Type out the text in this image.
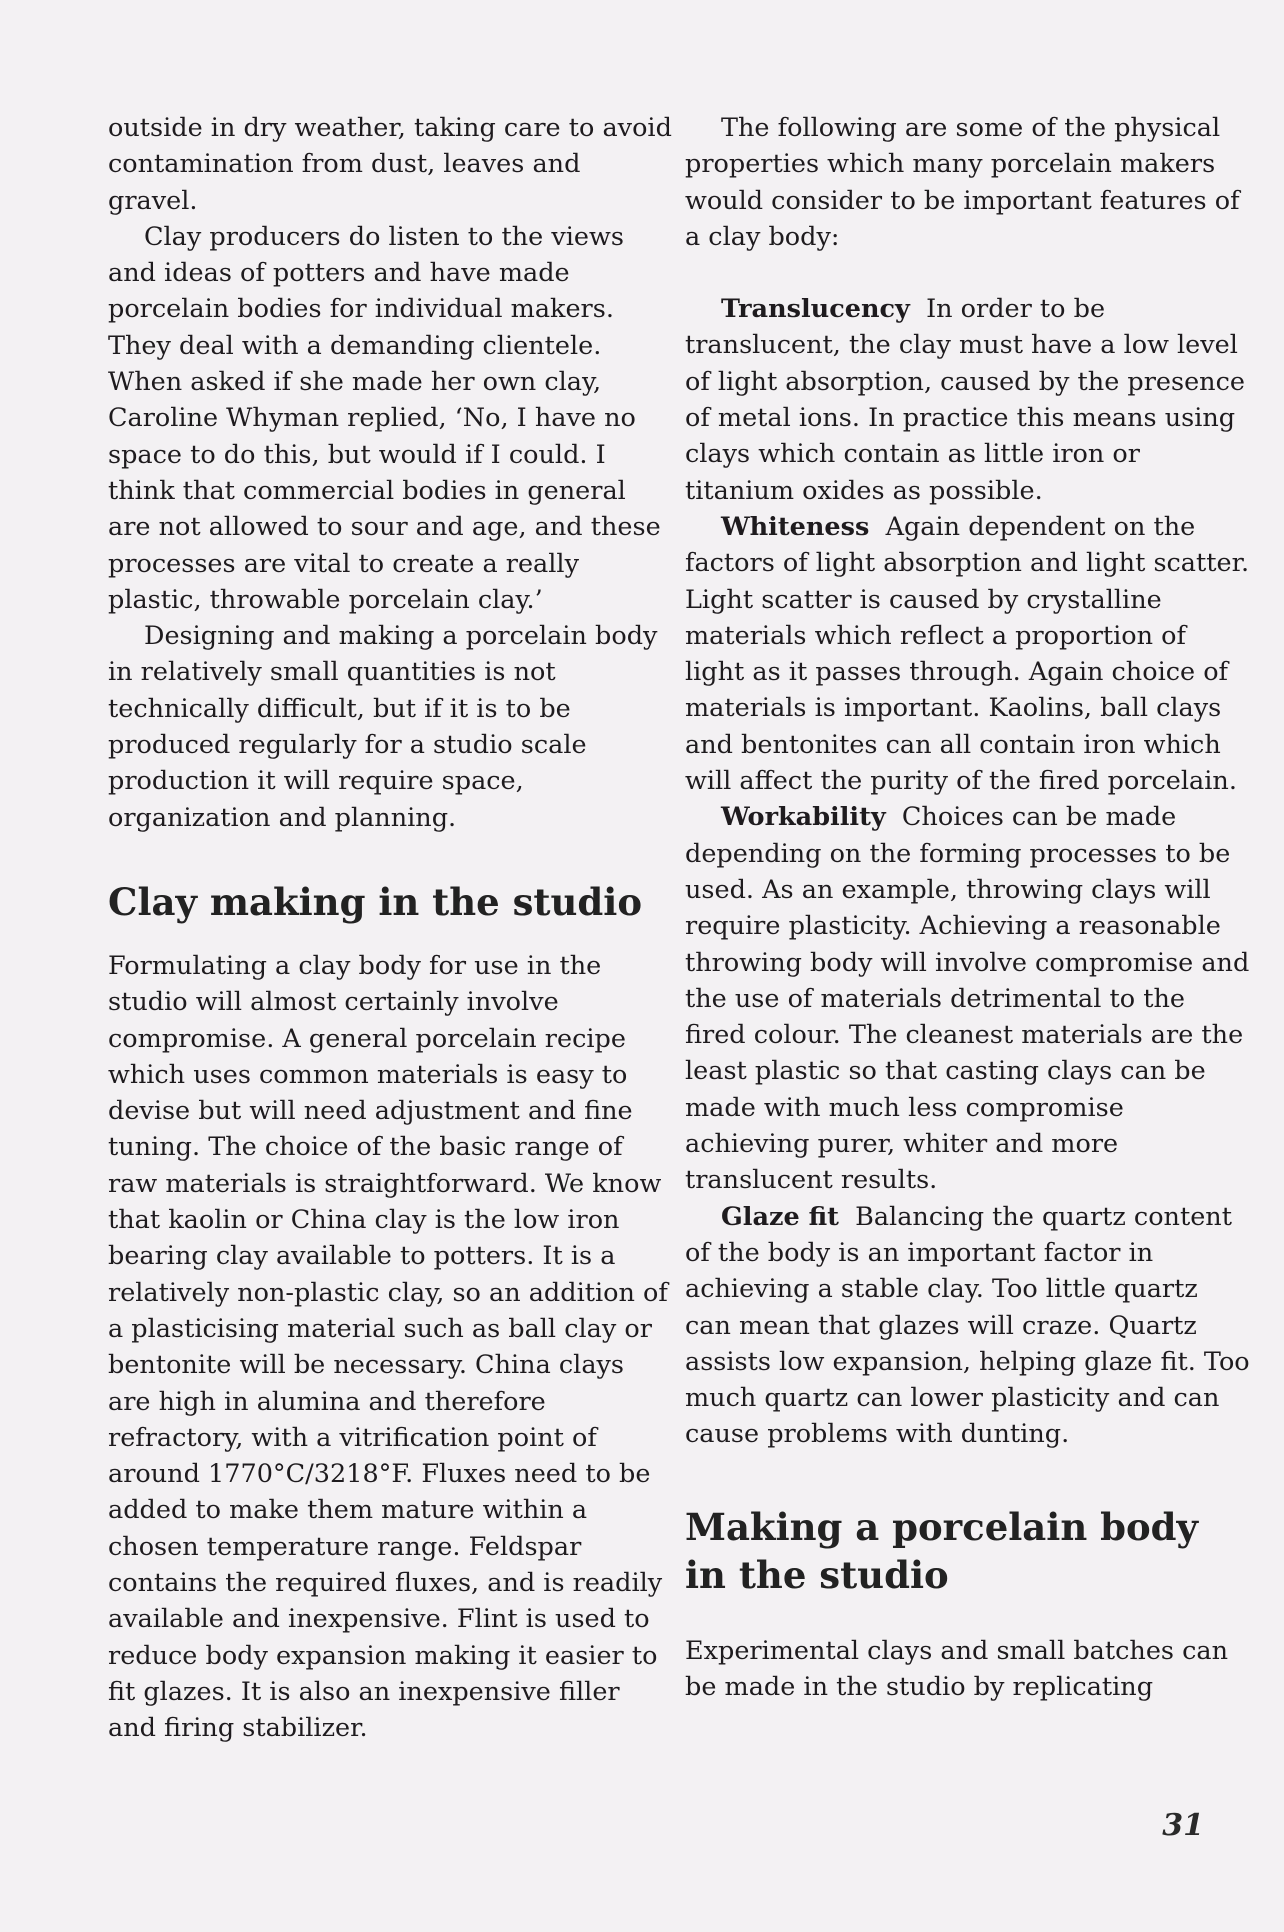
outside in dry weather, taking care to avoid contamination from dust, leaves and gravel.

Clay producers do listen to the views and ideas of potters and have made porcelain bodies for individual makers. They deal with a demanding clientele. When asked if she made her own clay, Caroline Whyman replied, ‘No, I have no space to do this, but would if I could. I think that commercial bodies in general are not allowed to sour and age, and these processes are vital to create a really plastic, throwable porcelain clay.’

Designing and making a porcelain body in relatively small quantities is not technically difficult, but if it is to be produced regularly for a studio scale production it will require space, organization and planning.

Clay making in the studio

Formulating a clay body for use in the studio will almost certainly involve compromise. A general porcelain recipe which uses common materials is easy to devise but will need adjustment and fine tuning. The choice of the basic range of raw materials is straightforward. We know that kaolin or China clay is the low iron bearing clay available to potters. It is a relatively non-plastic clay, so an addition of a plasticising material such as ball clay or bentonite will be necessary. China clays are high in alumina and therefore refractory, with a vitrification point of around 1770°C/3218°F. Fluxes need to be added to make them mature within a chosen temperature range. Feldspar contains the required fluxes, and is readily available and inexpensive. Flint is used to reduce body expansion making it easier to fit glazes. It is also an inexpensive filler and firing stabilizer.

The following are some of the physical properties which many porcelain makers would consider to be important features of a clay body:

Translucency In order to be translucent, the clay must have a low level of light absorption, caused by the presence of metal ions. In practice this means using clays which contain as little iron or titanium oxides as possible.

Whiteness Again dependent on the factors of light absorption and light scatter. Light scatter is caused by crystalline materials which reflect a proportion of light as it passes through. Again choice of materials is important. Kaolins, ball clays and bentonites can all contain iron which will affect the purity of the fired porcelain.

Workability Choices can be made depending on the forming processes to be used. As an example, throwing clays will require plasticity. Achieving a reasonable throwing body will involve compromise and the use of materials detrimental to the fired colour. The cleanest materials are the least plastic so that casting clays can be made with much less compromise achieving purer, whiter and more translucent results.

Glaze fit Balancing the quartz content of the body is an important factor in achieving a stable clay. Too little quartz can mean that glazes will craze. Quartz assists low expansion, helping glaze fit. Too much quartz can lower plasticity and can cause problems with dunting.

Making a porcelain body in the studio

Experimental clays and small batches can be made in the studio by replicating

31
